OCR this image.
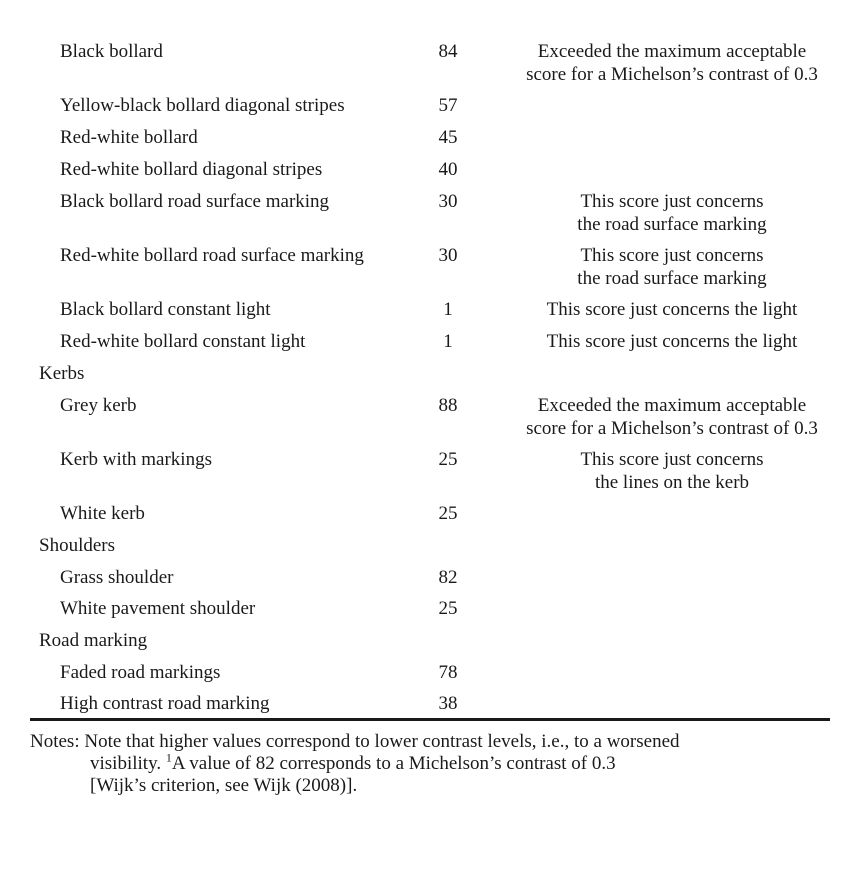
Black bollard	84	Exceeded the maximum acceptable
score for a Michelson’s contrast of 0.3
Yellow-black bollard diagonal stripes	57
Red-white bollard	45
Red-white bollard diagonal stripes	40
Black bollard road surface marking	30	This score just concerns
the road surface marking
Red-white bollard road surface marking	30	This score just concerns
the road surface marking
Black bollard constant light	1	This score just concerns the light
Red-white bollard constant light	1	This score just concerns the light
Kerbs
Grey kerb	88	Exceeded the maximum acceptable
score for a Michelson’s contrast of 0.3
Kerb with markings	25	This score just concerns
the lines on the kerb
White kerb	25
Shoulders
Grass shoulder	82
White pavement shoulder	25
Road marking
Faded road markings	78
High contrast road marking	38
Notes: Note that higher values correspond to lower contrast levels, i.e., to a worsened
visibility. $^1$A value of 82 corresponds to a Michelson’s contrast of 0.3
[Wijk’s criterion, see Wijk (2008)].
